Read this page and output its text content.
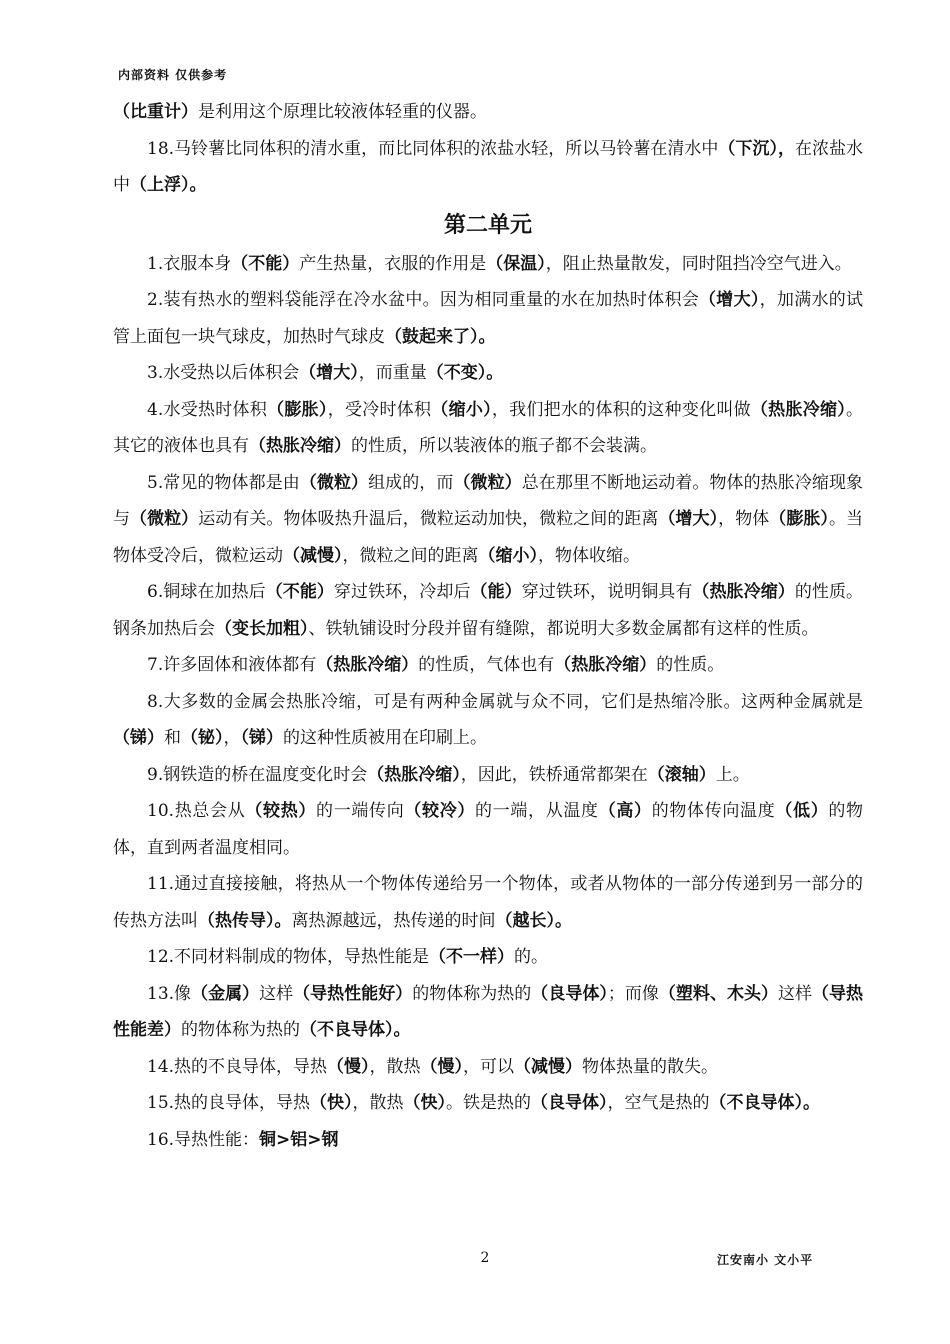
内部资料 仅供参考

（比重计）是利用这个原理比较液体轻重的仪器。

18.马铃薯比同体积的清水重，而比同体积的浓盐水轻，所以马铃薯在清水中（下沉），在浓盐水中（上浮）。

第二单元

1.衣服本身（不能）产生热量，衣服的作用是（保温），阻止热量散发，同时阻挡冷空气进入。

2.装有热水的塑料袋能浮在冷水盆中。因为相同重量的水在加热时体积会（增大），加满水的试管上面包一块气球皮，加热时气球皮（鼓起来了）。

3.水受热以后体积会（增大），而重量（不变）。

4.水受热时体积（膨胀），受冷时体积（缩小），我们把水的体积的这种变化叫做（热胀冷缩）。其它的液体也具有（热胀冷缩）的性质，所以装液体的瓶子都不会装满。

5.常见的物体都是由（微粒）组成的，而（微粒）总在那里不断地运动着。物体的热胀冷缩现象与（微粒）运动有关。物体吸热升温后，微粒运动加快，微粒之间的距离（增大），物体（膨胀）。当物体受冷后，微粒运动（减慢），微粒之间的距离（缩小），物体收缩。

6.铜球在加热后（不能）穿过铁环，冷却后（能）穿过铁环，说明铜具有（热胀冷缩）的性质。钢条加热后会（变长加粗）、铁轨铺设时分段并留有缝隙，都说明大多数金属都有这样的性质。

7.许多固体和液体都有（热胀冷缩）的性质，气体也有（热胀冷缩）的性质。

8.大多数的金属会热胀冷缩，可是有两种金属就与众不同，它们是热缩冷胀。这两种金属就是（锑）和（铋），（锑）的这种性质被用在印刷上。

9.钢铁造的桥在温度变化时会（热胀冷缩），因此，铁桥通常都架在（滚轴）上。

10.热总会从（较热）的一端传向（较冷）的一端，从温度（高）的物体传向温度（低）的物体，直到两者温度相同。

11.通过直接接触，将热从一个物体传递给另一个物体，或者从物体的一部分传递到另一部分的传热方法叫（热传导）。离热源越远，热传递的时间（越长）。

12.不同材料制成的物体，导热性能是（不一样）的。

13.像（金属）这样（导热性能好）的物体称为热的（良导体）；而像（塑料、木头）这样（导热性能差）的物体称为热的（不良导体）。

14.热的不良导体，导热（慢），散热（慢），可以（减慢）物体热量的散失。

15.热的良导体，导热（快），散热（快）。铁是热的（良导体），空气是热的（不良导体）。

16.导热性能：铜>铝>钢

2	江安南小 文小平
